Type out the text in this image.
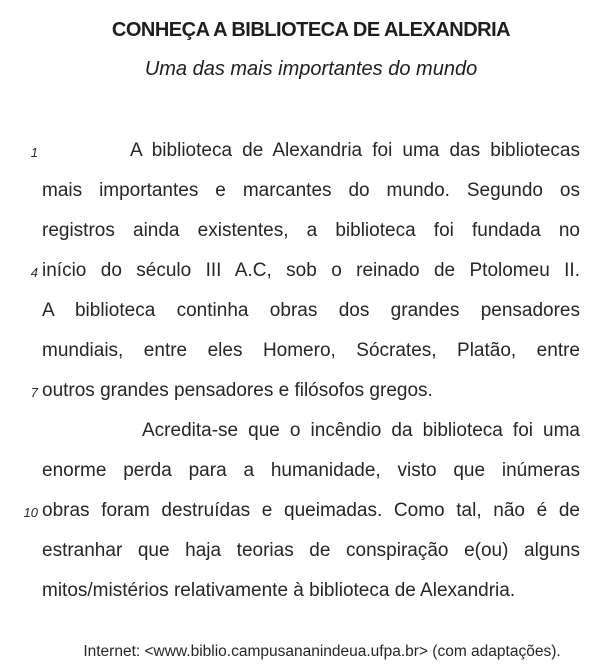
CONHEÇA A BIBLIOTECA DE ALEXANDRIA
Uma das mais importantes do mundo
1
4
7
10

A biblioteca de Alexandria foi uma das bibliotecas

mais importantes e marcantes do mundo. Segundo os

registros ainda existentes, a biblioteca foi fundada no

início do século III A.C, sob o reinado de Ptolomeu II.

A biblioteca continha obras dos grandes pensadores

mundiais, entre eles Homero, Sócrates, Platão, entre

outros grandes pensadores e filósofos gregos.

Acredita-se que o incêndio da biblioteca foi uma

enorme perda para a humanidade, visto que inúmeras

obras foram destruídas e queimadas. Como tal, não é de

estranhar que haja teorias de conspiração e(ou) alguns

mitos/mistérios relativamente à biblioteca de Alexandria.

Internet: <www.biblio.campusananindeua.ufpa.br> (com adaptações).
